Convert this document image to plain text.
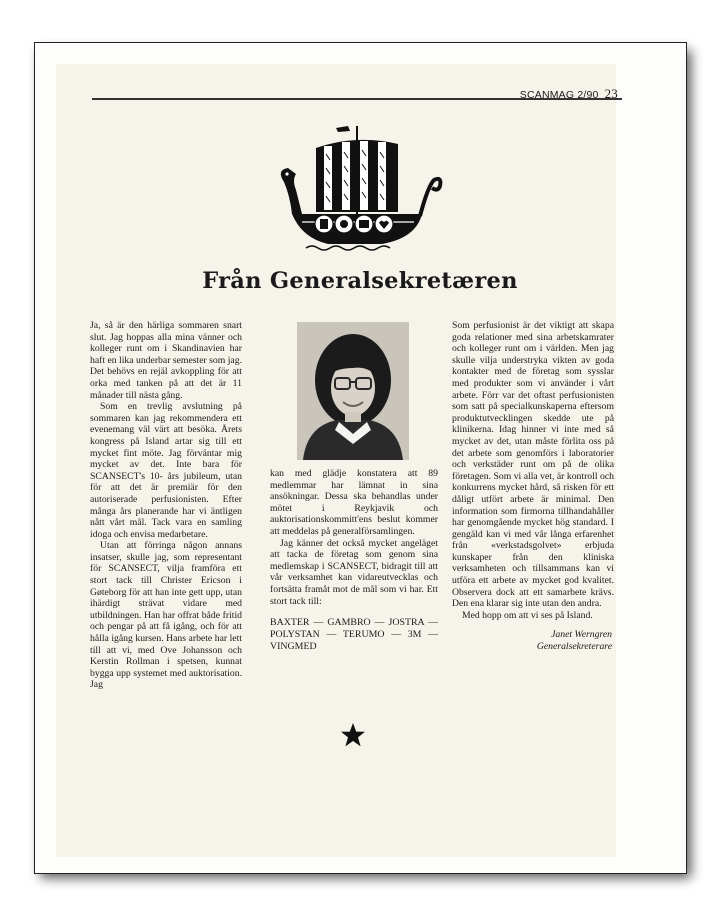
SCANMAG 2/90 23
Från Generalsekretæren

Ja, så är den härliga sommaren snart slut. Jag hoppas alla mina vänner och kolleger runt om i Skandinavien har haft en lika underbar semester som jag. Det behövs en rejäl avkoppling för att orka med tanken på att det är 11 månader till nästa gång.

Som en trevlig avslutning på sommaren kan jag rekommendera ett evenemang väl värt att besöka. Årets kongress på Island artar sig till ett mycket fint möte. Jag förväntar mig mycket av det. Inte bara för SCANSECT's 10- års jubileum, utan för att det är premiär för den autoriserade perfusionisten. Efter många års planerande har vi äntligen nått vårt mål. Tack vara en samling idoga och envisa medarbetare.

Utan att förringa någon annans insatser, skulle jag, som representant för SCANSECT, vilja framföra ett stort tack till Christer Ericson i Gøteborg för att han inte gett upp, utan ihärdigt strävat vidare med utbildningen. Han har offrat både fritid och pengar på att få igång, och för att hålla igång kursen. Hans arbete har lett till att vi, med Ove Johansson och Kerstin Rollman i spetsen, kunnat bygga upp systemet med auktorisation. Jag

kan med glädje konstatera att 89 medlemmar har lämnat in sina ansökningar. Dessa ska behandlas under mötet i Reykjavik och auktorisationskommitt'ens beslut kommer att meddelas på generalförsamlingen.

Jag känner det också mycket angeläget att tacka de företag som genom sina medlemskap i SCANSECT, bidragit till att vår verksamhet kan vidareutvecklas och fortsätta framåt mot de mål som vi har. Ett stort tack till:

BAXTER — GAMBRO — JOSTRA — POLYSTAN — TERUMO — 3M — VINGMED

Som perfusionist är det viktigt att skapa goda relationer med sina arbetskamrater och kolleger runt om i världen. Men jag skulle vilja understryka vikten av goda kontakter med de företag som sysslar med produkter som vi använder i vårt arbete. Förr var det oftast perfusionisten som satt på specialkunskaperna eftersom produktutvecklingen skedde ute på klinikerna. Idag hinner vi inte med så mycket av det, utan måste förlita oss på det arbete som genomförs i laboratorier och verkstäder runt om på de olika företagen. Som vi alla vet, är kontroll och konkurrens mycket hård, så risken för ett dåligt utfört arbete är minimal. Den information som firmorna tillhandahåller har genomgående mycket hög standard. I gengäld kan vi med vår långa erfarenhet från «verkstadsgolvet» erbjuda kunskaper från den kliniska verksamheten och tillsammans kan vi utföra ett arbete av mycket god kvalitet. Observera dock att ett samarbete krävs. Den ena klarar sig inte utan den andra.

Med hopp om att vi ses på Island.

Janet Werngren
Generalsekreterare
